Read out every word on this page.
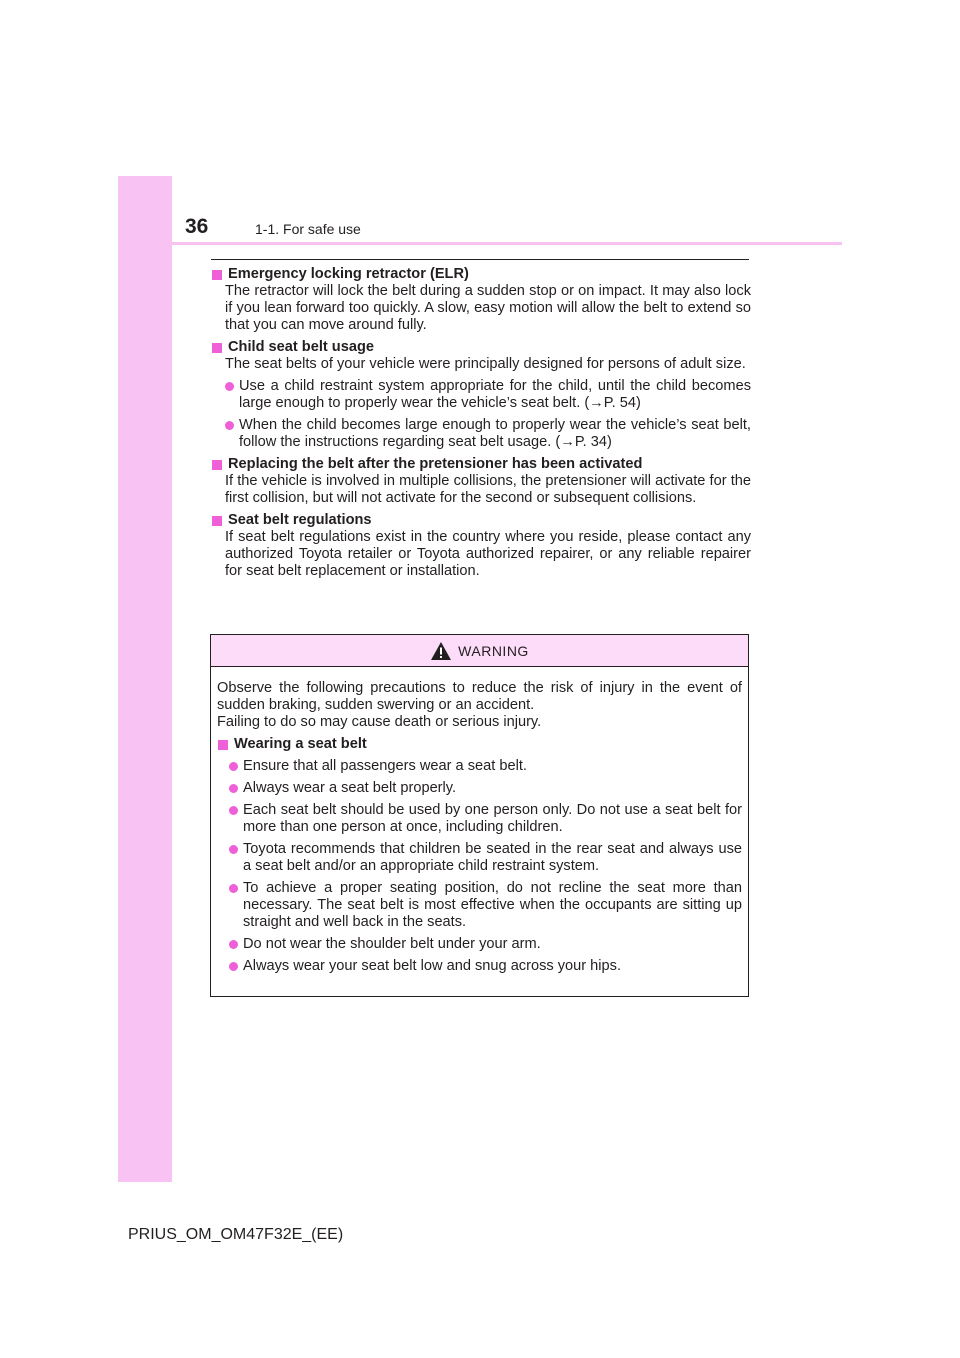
36	1-1. For safe use
Emergency locking retractor (ELR)
The retractor will lock the belt during a sudden stop or on impact. It may also lock if you lean forward too quickly. A slow, easy motion will allow the belt to extend so that you can move around fully.
Child seat belt usage
The seat belts of your vehicle were principally designed for persons of adult size.
Use a child restraint system appropriate for the child, until the child becomes large enough to properly wear the vehicle’s seat belt. (→P. 54)
When the child becomes large enough to properly wear the vehicle’s seat belt, follow the instructions regarding seat belt usage. (→P. 34)
Replacing the belt after the pretensioner has been activated
If the vehicle is involved in multiple collisions, the pretensioner will activate for the first collision, but will not activate for the second or subsequent collisions.
Seat belt regulations
If seat belt regulations exist in the country where you reside, please contact any authorized Toyota retailer or Toyota authorized repairer, or any reliable repairer for seat belt replacement or installation.
WARNING
Observe the following precautions to reduce the risk of injury in the event of sudden braking, sudden swerving or an accident.
Failing to do so may cause death or serious injury.
Wearing a seat belt
Ensure that all passengers wear a seat belt.
Always wear a seat belt properly.
Each seat belt should be used by one person only. Do not use a seat belt for more than one person at once, including children.
Toyota recommends that children be seated in the rear seat and always use a seat belt and/or an appropriate child restraint system.
To achieve a proper seating position, do not recline the seat more than necessary. The seat belt is most effective when the occupants are sitting up straight and well back in the seats.
Do not wear the shoulder belt under your arm.
Always wear your seat belt low and snug across your hips.
PRIUS_OM_OM47F32E_(EE)
